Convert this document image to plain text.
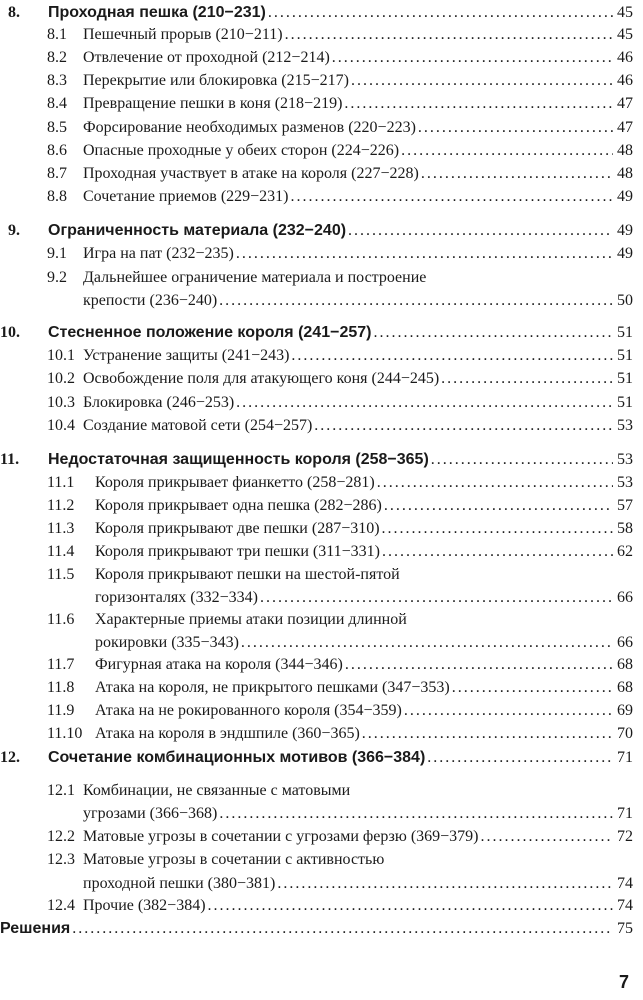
8. Проходная пешка (210−231) . . .	45
8.1 Пешечный прорыв (210−211) . . .	45
8.2 Отвлечение от проходной (212−214) . . .	46
8.3 Перекрытие или блокировка (215−217) . . .	46
8.4 Превращение пешки в коня (218−219) . . .	47
8.5 Форсирование необходимых разменов (220−223) . . .	47
8.6 Опасные проходные у обеих сторон (224−226) . . .	48
8.7 Проходная участвует в атаке на короля (227−228) . . .	48
8.8 Сочетание приемов (229−231) . . .	49
9. Ограниченность материала (232−240) . . .	49
9.1 Игра на пат (232−235) . . .	49
9.2 Дальнейшее ограничение материала и построение
крепости (236−240) . . .	50
10. Стесненное положение короля (241−257) . . .	51
10.1 Устранение защиты (241−243) . . .	51
10.2 Освобождение поля для атакующего коня (244−245) . . .	51
10.3 Блокировка (246−253) . . .	51
10.4 Создание матовой сети (254−257) . . .	53
11. Недостаточная защищенность короля (258−365) . . .	53
11.1 Короля прикрывает фианкетто (258−281) . . .	53
11.2 Короля прикрывает одна пешка (282−286) . . .	57
11.3 Короля прикрывают две пешки (287−310) . . .	58
11.4 Короля прикрывают три пешки (311−331) . . .	62
11.5 Короля прикрывают пешки на шестой-пятой
горизонталях (332−334) . . .	66
11.6 Характерные приемы атаки позиции длинной
рокировки (335−343) . . .	66
11.7 Фигурная атака на короля (344−346) . . .	68
11.8 Атака на короля, не прикрытого пешками (347−353) . . .	68
11.9 Атака на не рокированного короля (354−359) . . .	69
11.10 Атака на короля в эндшпиле (360−365) . . .	70
12. Сочетание комбинационных мотивов (366−384) . . .	71
12.1 Комбинации, не связанные с матовыми
угрозами (366−368) . . .	71
12.2 Матовые угрозы в сочетании с угрозами ферзю (369−379) . . .	72
12.3 Матовые угрозы в сочетании с активностью
проходной пешки (380−381) . . .	74
12.4 Прочие (382−384) . . .	74
Решения . . .	75
7
